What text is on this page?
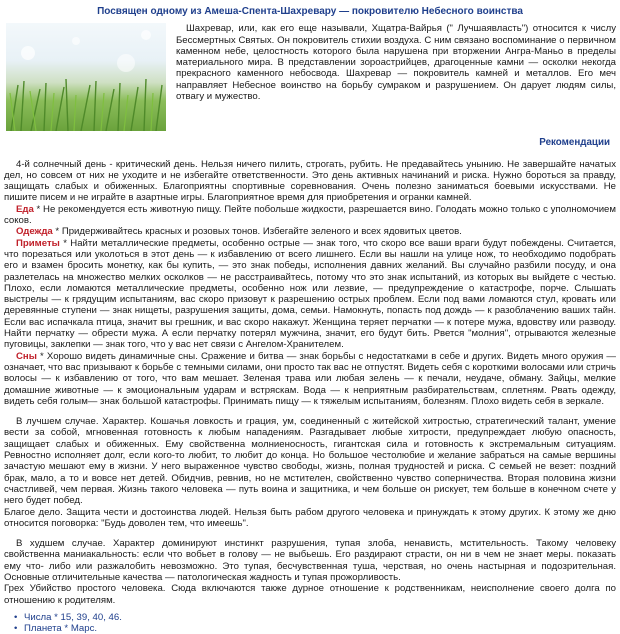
Посвящен одному из Амеша-Спента-Шахревару — покровителю Небесного воинства

Шахревар, или, как его еще называли, Хщатра-Вайрья (" Лучшаявласть") относится к числу Бессмертных Святых. Он покровитель стихии воздуха. С ним связано воспоминание о первичном каменном небе, целостность которого была нарушена при вторжении Ангра-Маньо в пределы материального мира. В представлении зороастрийцев, драгоценные камни — осколки некогда прекрасного каменного небосвода. Шахревар — покровитель камней и металлов. Его меч направляет Небесное воинство на борьбу сумраком и разрушением. Он дарует людям силы, отвагу и мужество.

Рекомендации

4-й солнечный день - критический день. Нельзя ничего пилить, строгать, рубить. Не предавайтесь унынию. Не завершайте начатых дел, но совсем от них не уходите и не избегайте ответственности. Это день активных начинаний и риска. Нужно бороться за правду, защищать слабых и обиженных. Благоприятны спортивные соревнования. Очень полезно заниматься боевыми искусствами. Не пишите писем и не играйте в азартные игры. Благоприятное время для приобретения и огранки камней.

Еда * Не рекомендуется есть животную пищу. Пейте побольше жидкости, разрешается вино. Голодать можно только с уполномочием соков.

Одежда * Придерживайтесь красных и розовых тонов. Избегайте зеленого и всех ядовитых цветов.

Приметы * Найти металлические предметы, особенно острые — знак того, что скоро все ваши враги будут побеждены. Считается, что порезаться или уколоться в этот день — к избавлению от всего лишнего. Если вы нашли на улице нож, то необходимо подобрать его и взамен бросить монетку, как бы купить, — это знак победы, исполнения давних желаний. Вы случайно разбили посуду, и она разлетелась на множество мелких осколков — не расстраивайтесь, потому что это знак испытаний, из которых вы выйдете с честью. Плохо, если ломаются металлические предметы, особенно нож или лезвие, — предупреждение о катастрофе, порче. Слышать выстрелы — к грядущим испытаниям, вас скоро призовут к разрешению острых проблем. Если под вами ломаются стул, кровать или деревянные ступени — знак нищеты, разрушения защиты, дома, семьи. Намокнуть, попасть под дождь — к разоблачению ваших тайн. Если вас испачкала птица, значит вы грешник, и вас скоро накажут. Женщина теряет перчатки — к потере мужа, вдовству или разводу. Найти перчатку — обрести мужа. А если перчатку потерял мужчина, значит, его будут бить. Рвется "молния", отрываются железные пуговицы, заклепки — знак того, что у вас нет связи с Ангелом-Хранителем.

Сны * Хорошо видеть динамичные сны. Сражение и битва — знак борьбы с недостатками в себе и других. Видеть много оружия — означает, что вас призывают к борьбе с темными силами, они просто так вас не отпустят. Видеть себя с короткими волосами или стричь волосы — к избавлению от того, что вам мешает. Зеленая трава или любая зелень — к печали, неудаче, обману. Зайцы, мелкие домашние животные — к эмоциональным ударам и встряскам. Вода — к неприятным разбирательствам, сплетням. Рвать одежду, видеть себя голым— знак большой катастрофы. Принимать пищу — к тяжелым испытаниям, болезням. Плохо видеть себя в зеркале.

В лучшем случае. Характер. Кошачья ловкость и грация, ум, соединенный с житейской хитростью, стратегический талант, умение вести за собой, мгновенная готовность к любым нападениям. Разгадывает любые хитрости, предупреждает любую опасность, защищает слабых и обиженных. Ему свойственна молниеносность, гигантская сила и готовность к экстремальным ситуациям. Ревностно исполняет долг, если кого-то любит, то любит до конца. Но большое честолюбие и желание забраться на самые вершины зачастую мешают ему в жизни. У него выраженное чувство свободы, жизнь, полная трудностей и риска. С семьей не везет: поздний брак, мало, а то и вовсе нет детей. Обидчив, ревнив, но не мстителен, свойственно чувство соперничества. Вторая половина жизни счастливей, чем первая. Жизнь такого человека — путь воина и защитника, и чем больше он рискует, тем больше в конечном счете у него будет побед.

Благое дело. Защита чести и достоинства людей. Нельзя быть рабом другого человека и принуждать к этому других. К этому же дню относится поговорка: "Будь доволен тем, что имеешь".

В худшем случае. Характер доминируют инстинкт разрушения, тупая злоба, ненависть, мстительность. Такому человеку свойственна маниакальность: если что вобьет в голову — не выбьешь. Его раздирают страсти, он ни в чем не знает меры. показать ему что- либо или разжалобить невозможно. Это тупая, бесчувственная туша, черствая, но очень настырная и подозрительная. Основные отличительные качества — патологическая жадность и тупая прожорливость.

Грех Убийство простого человека. Сюда включаются также дурное отношение к родственникам, неисполнение своего долга по отношению к родителям.

• Числа * 15, 39, 40, 46.
• Планета * Марс.
